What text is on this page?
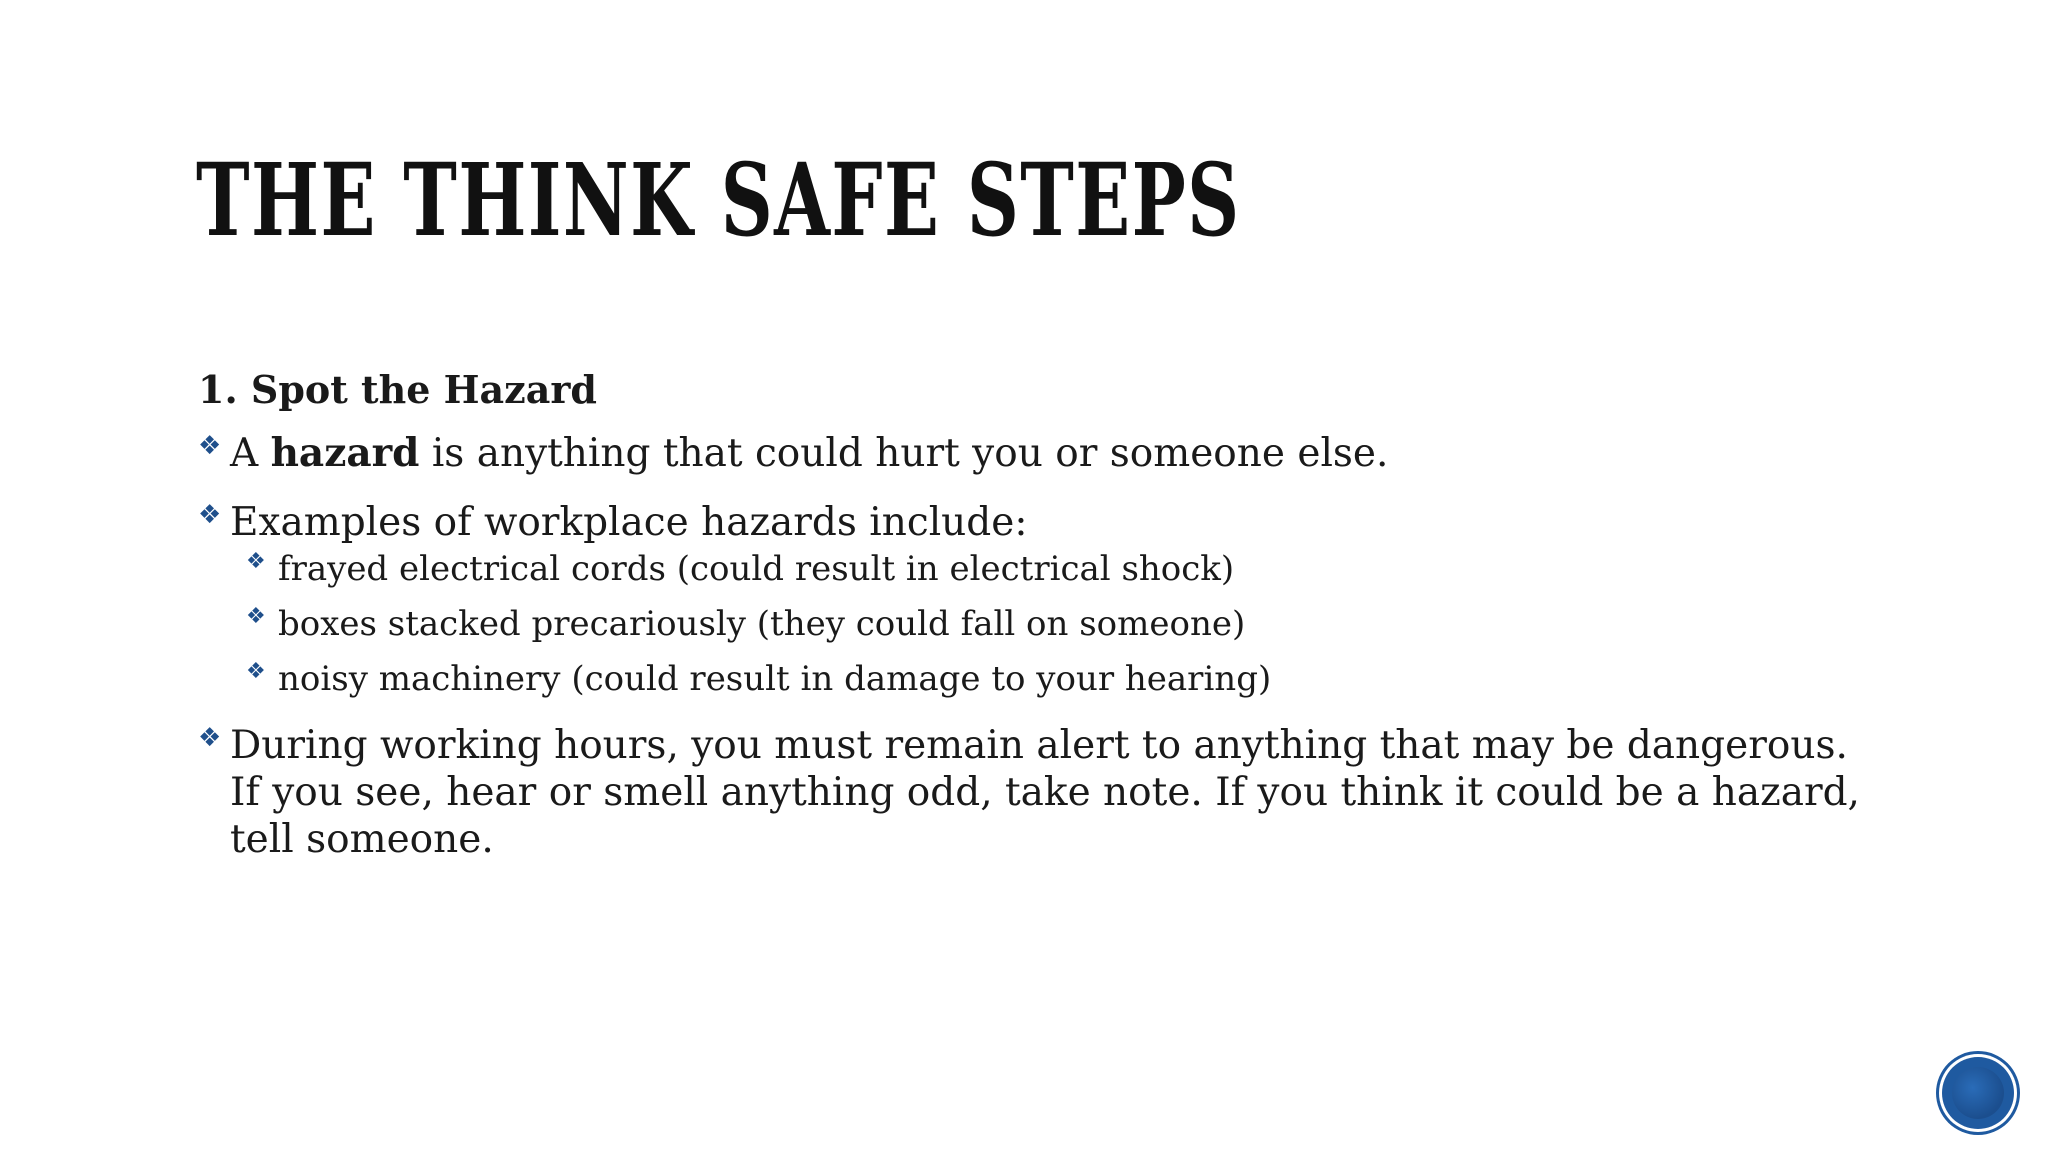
THE THINK SAFE STEPS
1. Spot the Hazard
❖ A hazard is anything that could hurt you or someone else.
❖ Examples of workplace hazards include:
❖ frayed electrical cords (could result in electrical shock)
❖ boxes stacked precariously (they could fall on someone)
❖ noisy machinery (could result in damage to your hearing)
❖ During working hours, you must remain alert to anything that may be dangerous. If you see, hear or smell anything odd, take note. If you think it could be a hazard, tell someone.
